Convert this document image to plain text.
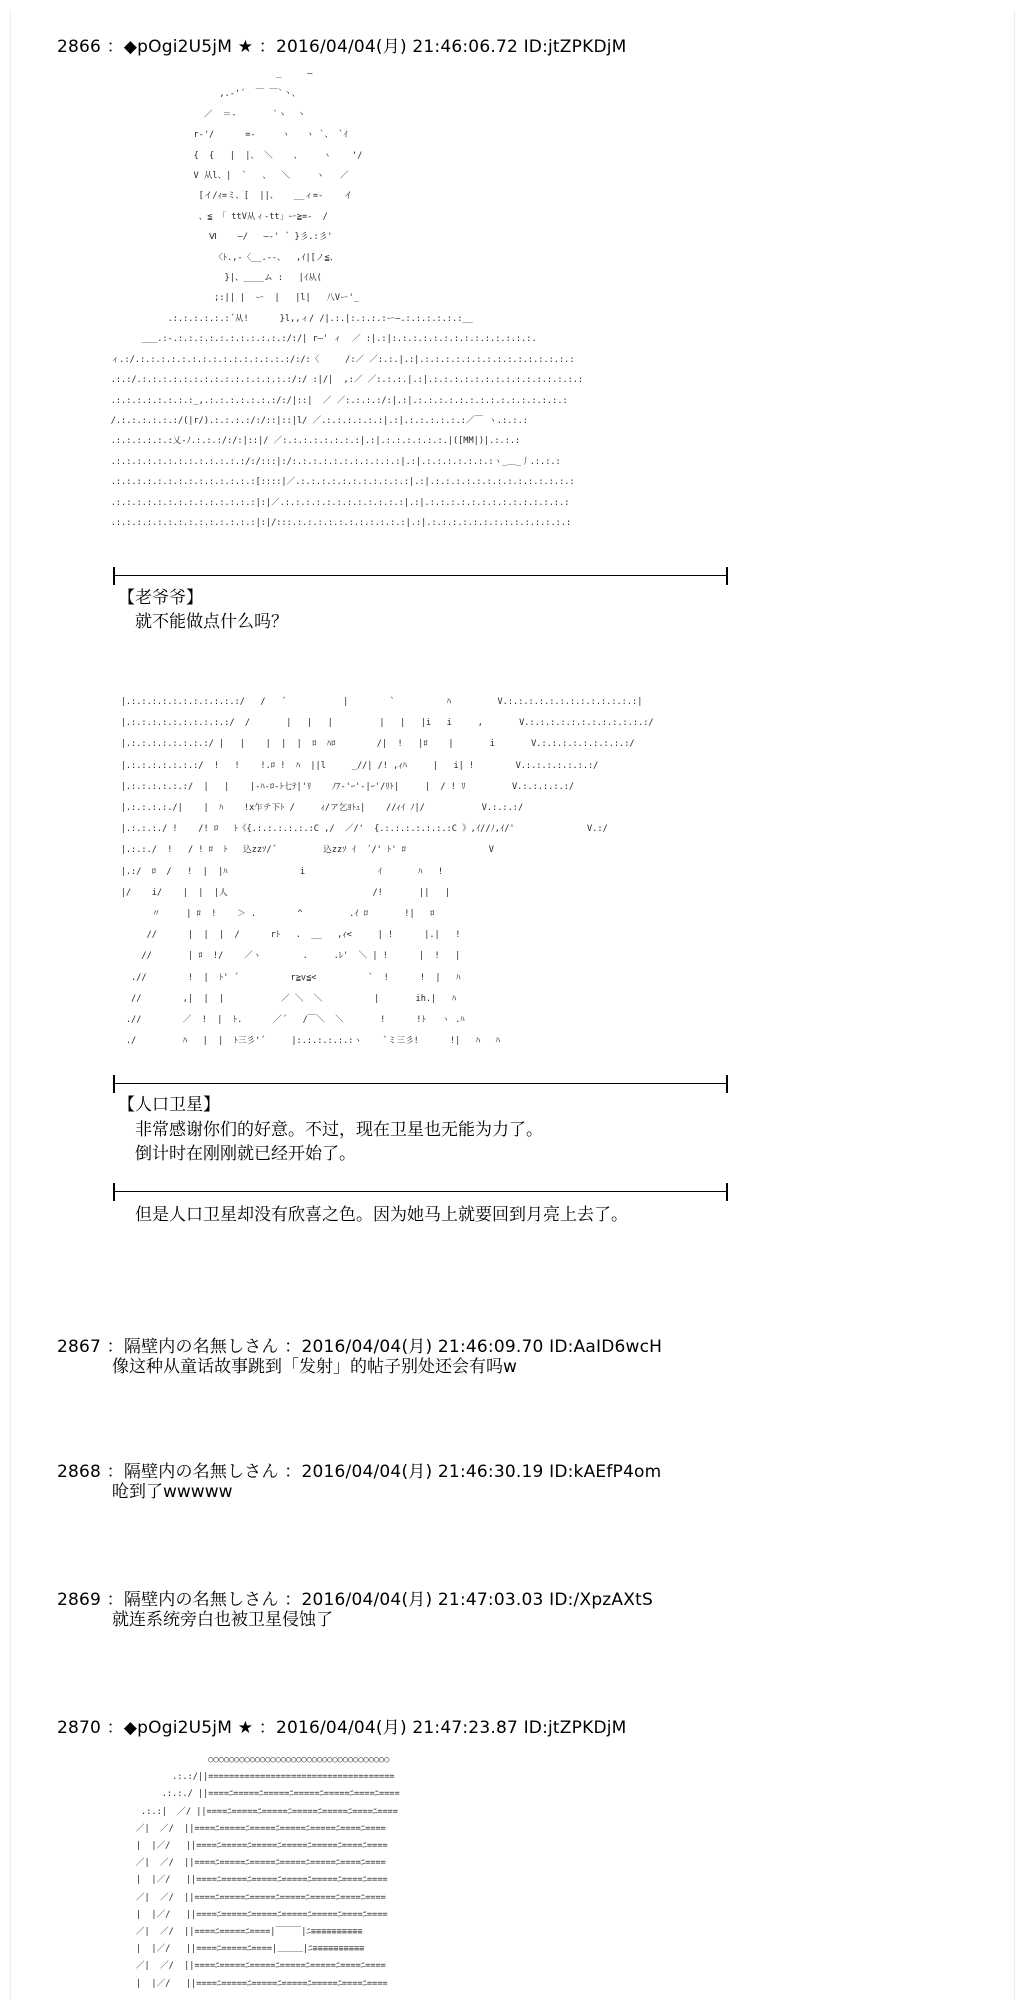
2866 ：◆pOgi2U5jM ★ ：2016/04/04(月) 21:46:06.72 ID:jtZPKDjM
_     ―
,.-'´  ￣ ￣`丶、
／  ＝-       `ヽ  丶
r-'/      =-     ヽ   ヽ `、 `ｲ
{  {   |  |、 ＼    、    ヽ    '/
V 从l、|  `   、  ＼     ヽ   ／
[イ/ｨ=ミ、[  ||、   __ィ=-    イ
、≦ 「 ttV从ィ-tt」ー≧=-  /
Ⅵ    ―/   ―-' ´ }彡.:彡'
〈ﾄ.,-〈__.--、  ,ｲ|[ノ≦、
}|、____ム :   |ｲ从(
;:|| |  ー  |   |l|   八Vー'_
.:.:.:.:.:.:´从!      }l,,ィ/ /|.:.|:.:.:.:ー―.:.:.:.:.:.:__
___.:-.:.:.:.:.:.:.:.:.:.:.:/:/| r―' ィ  ／ :|.:|:.:.:.:.:.:.:.:.:.:.:.:.:.:.
ィ.:/.:.:.:.:.:.:.:.:.:.:.:.:.:.:.:/:/:〈     /:／ ／:.:.|.:|.:.:.:.:.:.:.:.:.:.:.:.:.:.:.:
.:.:/.:.:.:.:.:.:.:.:.:.:.:.:.:.:.:/:/ :|/|  ,:／ ／:.:.:.|.:|.:.:.:.:.:.:.:.:.:.:.:.:.:.:.:
.:.:.:.:.:.:.:.:_,.:.:.:.:.:.:.:/:/|::|  ／ ／:.:.:.:/:|.:|.:.:.:.:.:.:.:.:.:.:.:.:.:.:.:
/.:.:.:.:.:.:/(|r/).:.:.:.:/:/::|::|l/ ／.:.:.:.:.:.:|.:|.:.:.:.:.:.:／￣ ヽ.:.:.:
.:.:.:.:.:.:乂-ﾉ.:.:.:/:/:|::|/ ／:.:.:.:.:.:.:.:|.:|.:.:.:.:.:.:.|([MM|)|.:.:.:
.:.:.:.:.:.:.:.:.:.:.:.:.:/:/:::|:/:.:.:.:.:.:.:.:.:.:.:|.:|.:.:.:.:.:.:.:ヽ_＿_丿.:.:.:
.:.:.:.:.:.:.:.:.:.:.:.:.:.:[::::|／.:.:.:.:.:.:.:.:.:.:.:|.:|.:.:.:.:.:.:.:.:.:.:.:.:.:.:
.:.:.:.:.:.:.:.:.:.:.:.:.:.:|:|／.:.:.:.:.:.:.:.:.:.:.:.:|.:|.:.:.:.:.:.:.:.:.:.:.:.:.:.:
.:.:.:.:.:.:.:.:.:.:.:.:.:.:|:|/:::.:.:.:.:.:.:.:.:.:.:.:|.:|.:.:.:.:.:.:.:.:.:.:.:.:.:.:
【老爷爷】
就不能做点什么吗？
|.:.:.:.:.:.:.:.:.:.:.:/   /   ´           |        `          ﾊ         V.:.:.:.:.:.:.:.:.:.:.:.:.:|
|.:.:.:.:.:.:.:.:.:.:/  /       |   |   |         |   |   |i   i     ,       V.:.:.:.:.:.:.:.:.:.:.:.:/
|.:.:.:.:.:.:.:.:/ |   |    |  |  |  ﾛ  ﾊﾛ        /|  !   |ﾛ    |       i       V.:.:.:.:.:.:.:.:.:/
|.:.:.:.:.:.:.:/  !   !    !.ﾛ !  ﾊ  ||l     _//| /! ,ｨﾊ     |   i| !        V.:.:.:.:.:.:.:/
|.:.:.:.:.:.:/  |   |    |-ﾊ-ﾛ-ﾄ七ﾃ|'ﾘ    ﾉｱ-'ｰ'-|ｰ'/ﾘﾄ|     |  / ! ﾘ         V.:.:.:.:.:/
|.:.:.:.:./|    |  ﾊ    !x乍テ下ﾄ /     ｨ/ア乞ﾖﾄｭ|    //ｨｲ ﾉ|/           V.:.:.:/
|.:.:.:./ !    /! ﾛ   ﾄ《{.:.:.:.:.:.:C ,/  ／/'  {.:.:.:.:.:.:.:C 》,ｲ//ﾉ,ｲ/'              V.:/
|.:.:./  !   / ! ﾛ  ﾄ   込zzｿ/´         込zzｿ ｲ  ´/' ﾄ' ﾛ                V
|.:/  ﾛ  /   !  |  |ﾊ              i              ｲ       ﾊ   !
|/    i/    |  |  |人                            /!       ||   |
〃     | ﾛ  !    ＞ .        ^         .ｲ ﾛ       !|   ﾛ
//      |  |  |  /      rﾄ   .  __   ,ｨ<     | !      |.|   !
//       | ﾛ  !/    ／ヽ        .     .ﾚ'  ＼ | !      |  !   |
.//        !  |  ﾄ' ´          r≧v≦<          `  !      !  |   ﾊ
//        ,|  |  |           ／ ＼  ＼          |       ih.|   ﾊ
.//        ／  !  |  ﾄ.      ／´   /￣＼  ＼       !      !ﾄ   ヽ .ﾊ
./         ﾊ   |  |  ﾄ三彡'´     |:.:.:.:.:.:ヽ    `ミ三彡!      !|   ﾊ   ﾊ
【人口卫星】
非常感谢你们的好意。不过，现在卫星也无能为力了。
倒计时在刚刚就已经开始了。
但是人口卫星却没有欣喜之色。因为她马上就要回到月亮上去了。
2867 ：隔壁内の名無しさん ：2016/04/04(月) 21:46:09.70 ID:AaID6wcH
像这种从童话故事跳到「发射」的帖子别处还会有吗w
2868 ：隔壁内の名無しさん ：2016/04/04(月) 21:46:30.19 ID:kAEfP4om
呛到了wwwww
2869 ：隔壁内の名無しさん ：2016/04/04(月) 21:47:03.03 ID:/XpzAXtS
就连系统旁白也被卫星侵蚀了
2870 ：◆pOgi2U5jM ★ ：2016/04/04(月) 21:47:23.87 ID:jtZPKDjM
○○○○○○○○○○○○○○○○○○○○○○○○○○○○○○○○○○○
.:.:/||====================================
.:.:./ ||====ﾆ=====ﾆ=====ﾆ=====ﾆ=====ﾆ====ﾆ====
.:.:|  ／/ ||====ﾆ=====ﾆ=====ﾆ=====ﾆ=====ﾆ====ﾆ====
／|  ／/  ||====ﾆ=====ﾆ=====ﾆ=====ﾆ=====ﾆ====ﾆ====
|  |／/   ||====ﾆ=====ﾆ=====ﾆ=====ﾆ=====ﾆ====ﾆ====
／|  ／/  ||====ﾆ=====ﾆ=====ﾆ=====ﾆ=====ﾆ====ﾆ====
|  |／/   ||====ﾆ=====ﾆ=====ﾆ=====ﾆ=====ﾆ====ﾆ====
／|  ／/  ||====ﾆ=====ﾆ=====ﾆ=====ﾆ=====ﾆ====ﾆ====
|  |／/   ||====ﾆ=====ﾆ=====ﾆ=====ﾆ=====ﾆ====ﾆ====
／|  ／/  ||====ﾆ=====ﾆ====|￣￣￣|ﾆ≡≡≡≡≡≡≡≡≡≡
|  |／/   ||====ﾆ=====ﾆ====|＿＿＿|ﾆ≡≡≡≡≡≡≡≡≡≡
／|  ／/  ||====ﾆ=====ﾆ=====ﾆ=====ﾆ=====ﾆ====ﾆ====
|  |／/   ||====ﾆ=====ﾆ=====ﾆ=====ﾆ=====ﾆ====ﾆ====
